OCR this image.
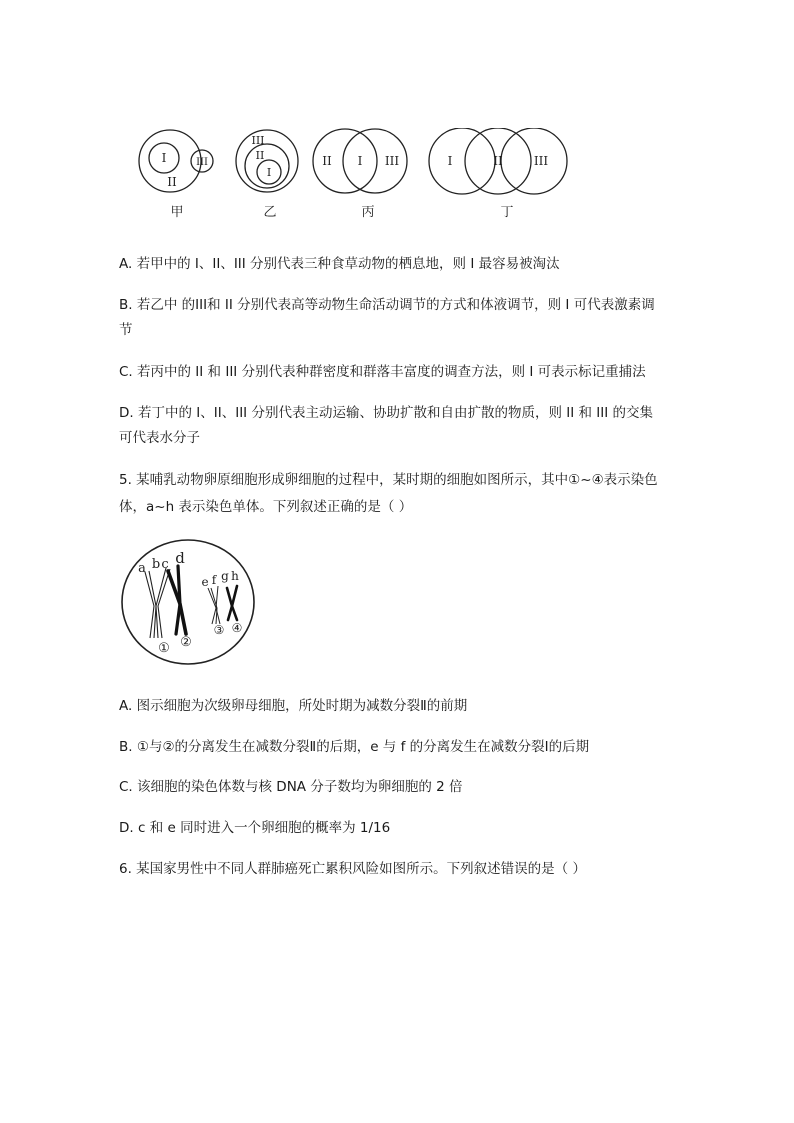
I
II
III
III
II
I
II I III	I	II	III
甲	乙	丙	丁
A. 若甲中的 I、II、III 分别代表三种食草动物的栖息地，则 I 最容易被淘汰
B. 若乙中 的III和 II 分别代表高等动物生命活动调节的方式和体液调节，则 I 可代表激素调
节
C. 若丙中的 II 和 III 分别代表种群密度和群落丰富度的调查方法，则 I 可表示标记重捕法
D. 若丁中的 I、II、III 分别代表主动运输、协助扩散和自由扩散的物质，则 II 和 III 的交集
可代表水分子
5. 某哺乳动物卵原细胞形成卵细胞的过程中，某时期的细胞如图所示，其中①~④表示染色
体，a~h 表示染色单体。下列叙述正确的是（ ）
a b c d
e f g h
① ②
③ ④
A. 图示细胞为次级卵母细胞，所处时期为减数分裂Ⅱ的前期
B. ①与②的分离发生在减数分裂Ⅱ的后期，e 与 f 的分离发生在减数分裂Ⅰ的后期
C. 该细胞的染色体数与核 DNA 分子数均为卵细胞的 2 倍
D. c 和 e 同时进入一个卵细胞的概率为 1/16
6. 某国家男性中不同人群肺癌死亡累积风险如图所示。下列叙述错误的是（ ）
